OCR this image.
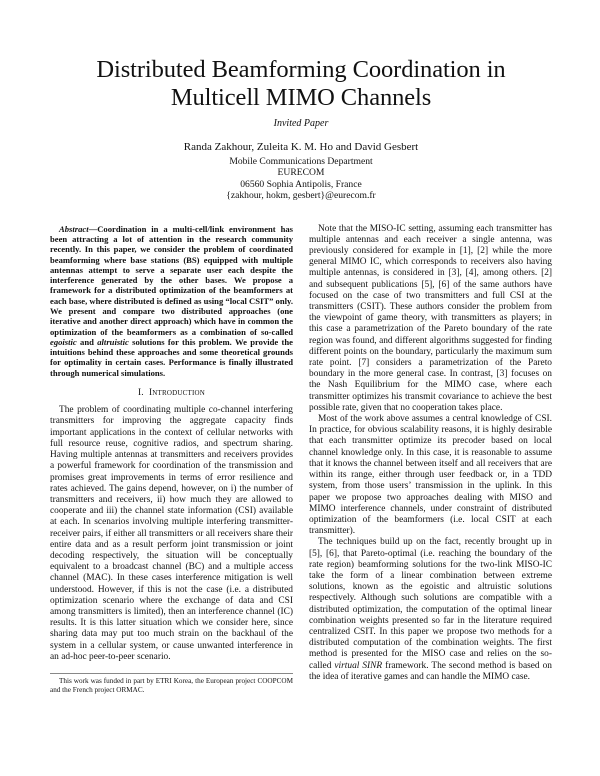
Distributed Beamforming Coordination in Multicell MIMO Channels
Invited Paper
Randa Zakhour, Zuleita K. M. Ho and David Gesbert
Mobile Communications Department
EURECOM
06560 Sophia Antipolis, France
{zakhour, hokm, gesbert}@eurecom.fr

Abstract—Coordination in a multi-cell/link environment has been attracting a lot of attention in the research community recently. In this paper, we consider the problem of coordinated beamforming where base stations (BS) equipped with multiple antennas attempt to serve a separate user each despite the interference generated by the other bases. We propose a framework for a distributed optimization of the beamformers at each base, where distributed is defined as using “local CSIT” only. We present and compare two distributed approaches (one iterative and another direct approach) which have in common the optimization of the beamformers as a combination of so-called egoistic and altruistic solutions for this problem. We provide the intuitions behind these approaches and some theoretical grounds for optimality in certain cases. Performance is finally illustrated through numerical simulations.

I. Introduction

The problem of coordinating multiple co-channel interfering transmitters for improving the aggregate capacity finds important applications in the context of cellular networks with full resource reuse, cognitive radios, and spectrum sharing. Having multiple antennas at transmitters and receivers provides a powerful framework for coordination of the transmission and promises great improvements in terms of error resilience and rates achieved. The gains depend, however, on i) the number of transmitters and receivers, ii) how much they are allowed to cooperate and iii) the channel state information (CSI) available at each. In scenarios involving multiple interfering transmitter-receiver pairs, if either all transmitters or all receivers share their entire data and as a result perform joint transmission or joint decoding respectively, the situation will be conceptually equivalent to a broadcast channel (BC) and a multiple access channel (MAC). In these cases interference mitigation is well understood. However, if this is not the case (i.e. a distributed optimization scenario where the exchange of data and CSI among transmitters is limited), then an interference channel (IC) results. It is this latter situation which we consider here, since sharing data may put too much strain on the backhaul of the system in a cellular system, or cause unwanted interference in an ad-hoc peer-to-peer scenario.

This work was funded in part by ETRI Korea, the European project COOPCOM and the French project ORMAC.

Note that the MISO-IC setting, assuming each transmitter has multiple antennas and each receiver a single antenna, was previously considered for example in [1], [2] while the more general MIMO IC, which corresponds to receivers also having multiple antennas, is considered in [3], [4], among others. [2] and subsequent publications [5], [6] of the same authors have focused on the case of two transmitters and full CSI at the transmitters (CSIT). These authors consider the problem from the viewpoint of game theory, with transmitters as players; in this case a parametrization of the Pareto boundary of the rate region was found, and different algorithms suggested for finding different points on the boundary, particularly the maximum sum rate point. [7] considers a parametrization of the Pareto boundary in the more general case. In contrast, [3] focuses on the Nash Equilibrium for the MIMO case, where each transmitter optimizes his transmit covariance to achieve the best possible rate, given that no cooperation takes place.

Most of the work above assumes a central knowledge of CSI. In practice, for obvious scalability reasons, it is highly desirable that each transmitter optimize its precoder based on local channel knowledge only. In this case, it is reasonable to assume that it knows the channel between itself and all receivers that are within its range, either through user feedback or, in a TDD system, from those users’ transmission in the uplink. In this paper we propose two approaches dealing with MISO and MIMO interference channels, under constraint of distributed optimization of the beamformers (i.e. local CSIT at each transmitter).

The techniques build up on the fact, recently brought up in [5], [6], that Pareto-optimal (i.e. reaching the boundary of the rate region) beamforming solutions for the two-link MISO-IC take the form of a linear combination between extreme solutions, known as the egoistic and altruistic solutions respectively. Although such solutions are compatible with a distributed optimization, the computation of the optimal linear combination weights presented so far in the literature required centralized CSIT. In this paper we propose two methods for a distributed computation of the combination weights. The first method is presented for the MISO case and relies on the so-called virtual SINR framework. The second method is based on the idea of iterative games and can handle the MIMO case.
